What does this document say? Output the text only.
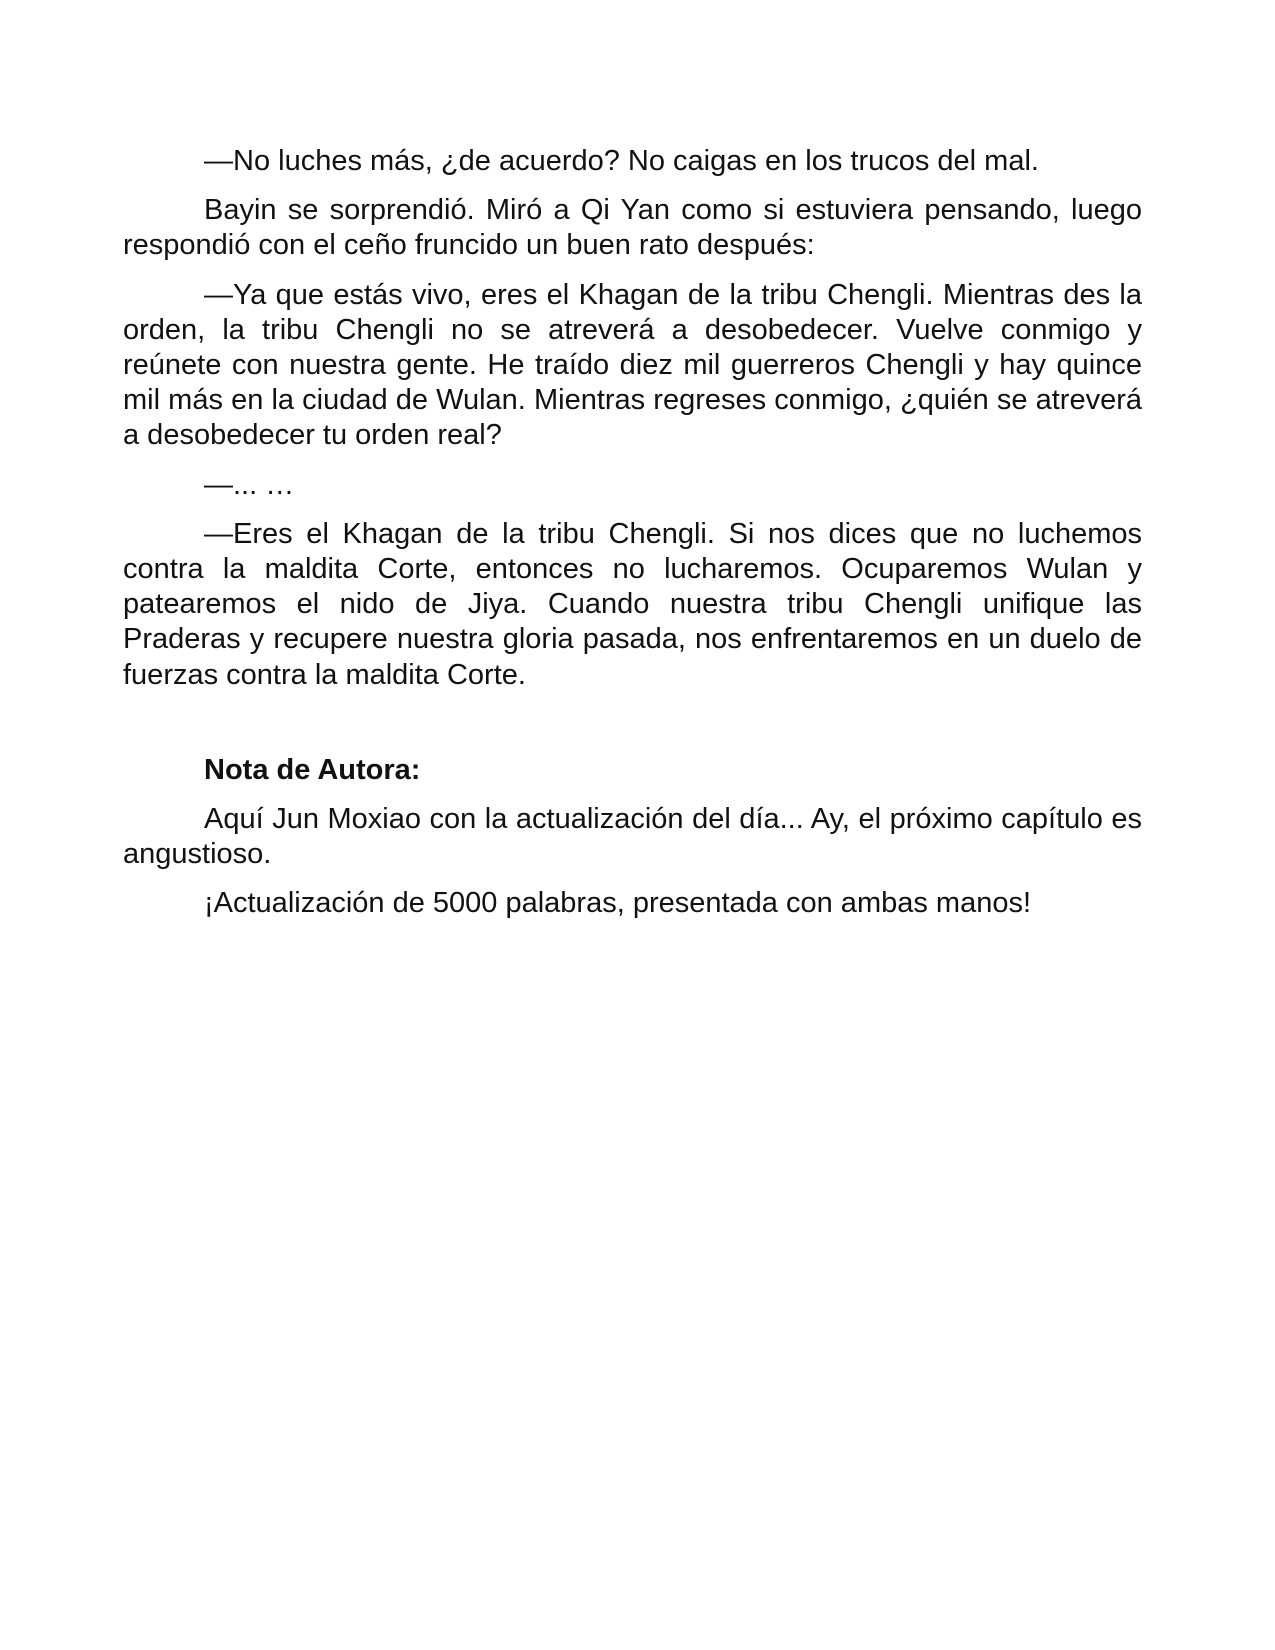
—No luches más, ¿de acuerdo? No caigas en los trucos del mal.

Bayin se sorprendió. Miró a Qi Yan como si estuviera pensando, luego respondió con el ceño fruncido un buen rato después:

—Ya que estás vivo, eres el Khagan de la tribu Chengli. Mientras des la orden, la tribu Chengli no se atreverá a desobedecer. Vuelve conmigo y reúnete con nuestra gente. He traído diez mil guerreros Chengli y hay quince mil más en la ciudad de Wulan. Mientras regreses conmigo, ¿quién se atreverá a desobedecer tu orden real?

—... …

—Eres el Khagan de la tribu Chengli. Si nos dices que no luchemos contra la maldita Corte, entonces no lucharemos. Ocuparemos Wulan y patearemos el nido de Jiya. Cuando nuestra tribu Chengli unifique las Praderas y recupere nuestra gloria pasada, nos enfrentaremos en un duelo de fuerzas contra la maldita Corte.

Nota de Autora:

Aquí Jun Moxiao con la actualización del día... Ay, el próximo capítulo es angustioso.

¡Actualización de 5000 palabras, presentada con ambas manos!
